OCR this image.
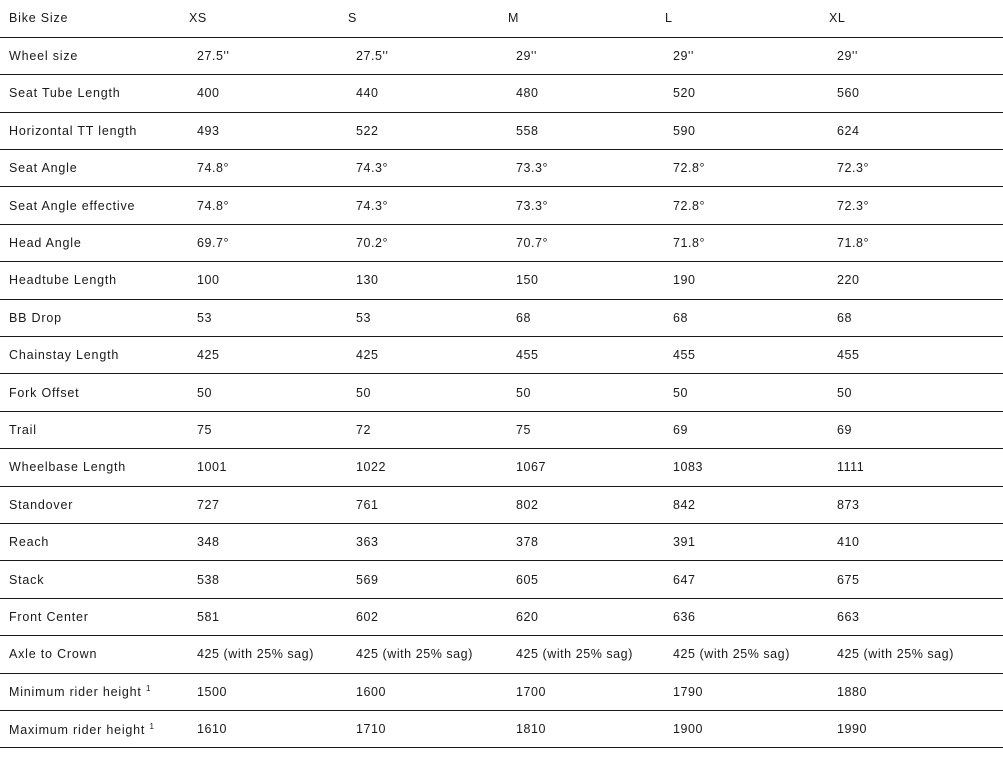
Bike Size	XS	S	M	L	XL
Wheel size	27.5''	27.5''	29''	29''	29''
Seat Tube Length	400	440	480	520	560
Horizontal TT length	493	522	558	590	624
Seat Angle	74.8°	74.3°	73.3°	72.8°	72.3°
Seat Angle effective	74.8°	74.3°	73.3°	72.8°	72.3°
Head Angle	69.7°	70.2°	70.7°	71.8°	71.8°
Headtube Length	100	130	150	190	220
BB Drop	53	53	68	68	68
Chainstay Length	425	425	455	455	455
Fork Offset	50	50	50	50	50
Trail	75	72	75	69	69
Wheelbase Length	1001	1022	1067	1083	1111
Standover	727	761	802	842	873
Reach	348	363	378	391	410
Stack	538	569	605	647	675
Front Center	581	602	620	636	663
Axle to Crown	425 (with 25% sag)	425 (with 25% sag)	425 (with 25% sag)	425 (with 25% sag)	425 (with 25% sag)
Minimum rider height $^1$	1500	1600	1700	1790	1880
Maximum rider height $^1$	1610	1710	1810	1900	1990
